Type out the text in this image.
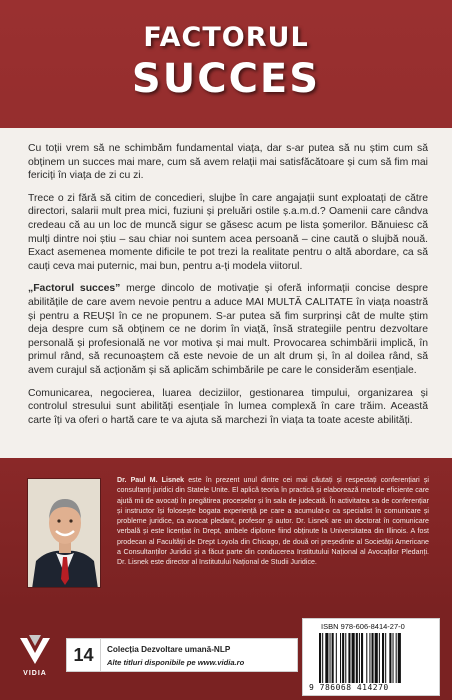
FACTORUL
SUCCES

Cu toții vrem să ne schimbăm fundamental viața, dar s-ar putea să nu știm cum să obținem un succes mai mare, cum să avem relații mai satisfăcătoare și cum să fim mai fericiți în viața de zi cu zi.

Trece o zi fără să citim de concedieri, slujbe în care angajații sunt exploatați de către directori, salarii mult prea mici, fuziuni și preluări ostile ș.a.m.d.? Oamenii care cândva credeau că au un loc de muncă sigur se găsesc acum pe lista șomerilor. Bănuiesc că mulți dintre noi știu – sau chiar noi suntem acea persoană – cine caută o slujbă nouă. Exact asemenea momente dificile te pot trezi la realitate pentru o altă abordare, ca să cauți ceva mai puternic, mai bun, pentru a-ți modela viitorul.

„Factorul succes” merge dincolo de motivație și oferă informații concise despre abilitățile de care avem nevoie pentru a aduce MAI MULTĂ CALITATE în viața noastră și pentru a REUȘI în ce ne propunem. S-ar putea să fim surprinși cât de multe știm deja despre cum să obținem ce ne dorim în viață, însă strategiile pentru dezvoltare personală și profesională ne vor motiva și mai mult. Provocarea schimbării implică, în primul rând, să recunoaștem că este nevoie de un alt drum și, în al doilea rând, să avem curajul să acționăm și să aplicăm schimbările pe care le considerăm esențiale.

Comunicarea, negocierea, luarea deciziilor, gestionarea timpului, organizarea și controlul stresului sunt abilități esențiale în lumea complexă în care trăim. Această carte îți va oferi o hartă care te va ajuta să marchezi în viața ta toate aceste abilități.

Dr. Paul M. Lisnek este în prezent unul dintre cei mai căutați și respectați conferențiari și consultanți juridici din Statele Unite. El aplică teoria în practică și elaborează metode eficiente care ajută mii de avocați în pregătirea proceselor și în sala de judecată. În activitatea sa de conferențiar și instructor își folosește bogata experiență pe care a acumulat-o ca specialist în comunicare și probleme juridice, ca avocat pledant, profesor și autor. Dr. Lisnek are un doctorat în comunicare verbală și este licențiat în Drept, ambele diplome fiind obținute la Universitatea din Illinois. A fost prodecan al Facultății de Drept Loyola din Chicago, de două ori președinte al Societății Americane a Consultanților Juridici și a făcut parte din conducerea Institutului Național al Avocaților Pledanți. Dr. Lisnek este director al Institutului Național de Studii Juridice.
VIDIA
14	Colecția Dezvoltare umană-NLP
Alte titluri disponibile pe www.vidia.ro
ISBN 978-606-8414-27-0
9 786068 414270
